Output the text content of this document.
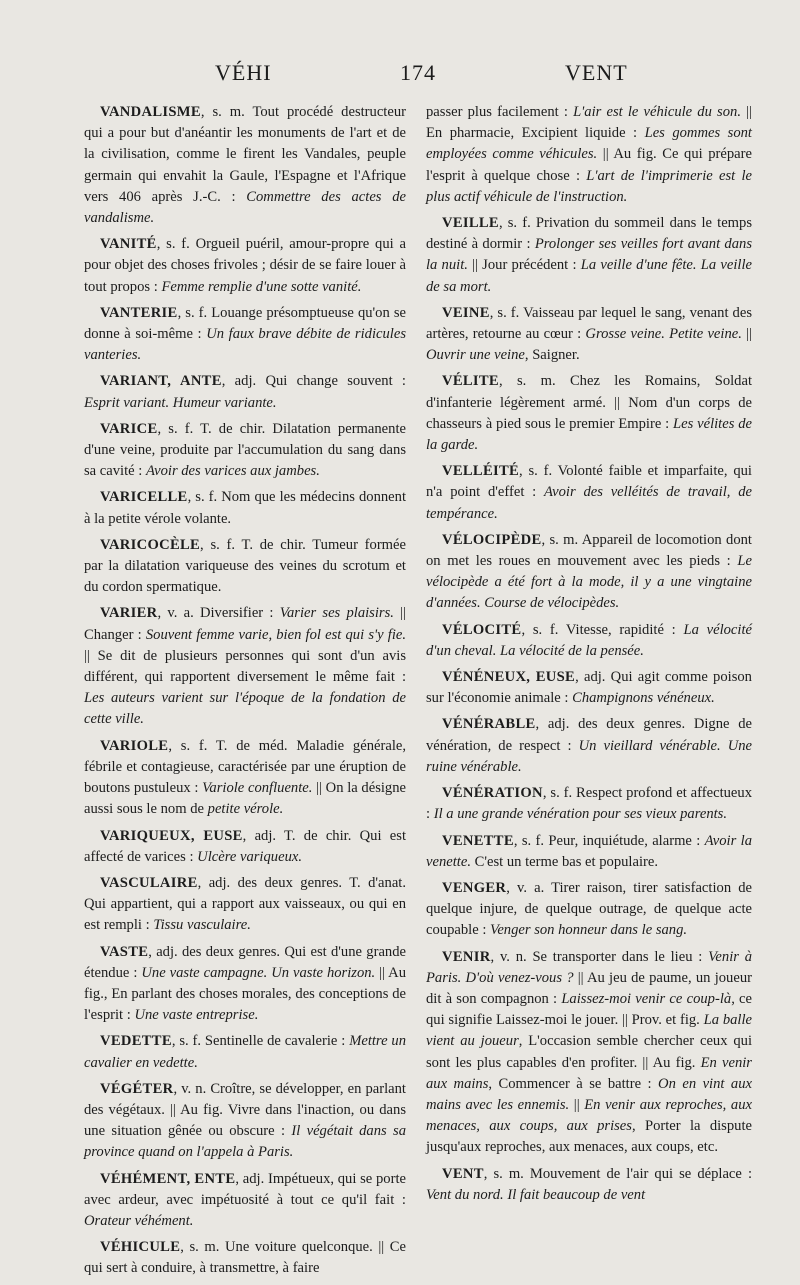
VÉHI	174	VENT

VANDALISME, s. m. Tout procédé destructeur qui a pour but d'anéantir les monuments de l'art et de la civilisation, comme le firent les Vandales, peuple germain qui envahit la Gaule, l'Espagne et l'Afrique vers 406 après J.-C. : Commettre des actes de vandalisme.

VANITÉ, s. f. Orgueil puéril, amour-propre qui a pour objet des choses frivoles ; désir de se faire louer à tout propos : Femme remplie d'une sotte vanité.

VANTERIE, s. f. Louange présomptueuse qu'on se donne à soi-même : Un faux brave débite de ridicules vanteries.

VARIANT, ANTE, adj. Qui change souvent : Esprit variant. Humeur variante.

VARICE, s. f. T. de chir. Dilatation permanente d'une veine, produite par l'accumulation du sang dans sa cavité : Avoir des varices aux jambes.

VARICELLE, s. f. Nom que les médecins donnent à la petite vérole volante.

VARICOCÈLE, s. f. T. de chir. Tumeur formée par la dilatation variqueuse des veines du scrotum et du cordon spermatique.

VARIER, v. a. Diversifier : Varier ses plaisirs. || Changer : Souvent femme varie, bien fol est qui s'y fie. || Se dit de plusieurs personnes qui sont d'un avis différent, qui rapportent diversement le même fait : Les auteurs varient sur l'époque de la fondation de cette ville.

VARIOLE, s. f. T. de méd. Maladie générale, fébrile et contagieuse, caractérisée par une éruption de boutons pustuleux : Variole confluente. || On la désigne aussi sous le nom de petite vérole.

VARIQUEUX, EUSE, adj. T. de chir. Qui est affecté de varices : Ulcère variqueux.

VASCULAIRE, adj. des deux genres. T. d'anat. Qui appartient, qui a rapport aux vaisseaux, ou qui en est rempli : Tissu vasculaire.

VASTE, adj. des deux genres. Qui est d'une grande étendue : Une vaste campagne. Un vaste horizon. || Au fig., En parlant des choses morales, des conceptions de l'esprit : Une vaste entreprise.

VEDETTE, s. f. Sentinelle de cavalerie : Mettre un cavalier en vedette.

VÉGÉTER, v. n. Croître, se développer, en parlant des végétaux. || Au fig. Vivre dans l'inaction, ou dans une situation gênée ou obscure : Il végétait dans sa province quand on l'appela à Paris.

VÉHÉMENT, ENTE, adj. Impétueux, qui se porte avec ardeur, avec impétuosité à tout ce qu'il fait : Orateur véhément.

VÉHICULE, s. m. Une voiture quelconque. || Ce qui sert à conduire, à transmettre, à faire

passer plus facilement : L'air est le véhicule du son. || En pharmacie, Excipient liquide : Les gommes sont employées comme véhicules. || Au fig. Ce qui prépare l'esprit à quelque chose : L'art de l'imprimerie est le plus actif véhicule de l'instruction.

VEILLE, s. f. Privation du sommeil dans le temps destiné à dormir : Prolonger ses veilles fort avant dans la nuit. || Jour précédent : La veille d'une fête. La veille de sa mort.

VEINE, s. f. Vaisseau par lequel le sang, venant des artères, retourne au cœur : Grosse veine. Petite veine. || Ouvrir une veine, Saigner.

VÉLITE, s. m. Chez les Romains, Soldat d'infanterie légèrement armé. || Nom d'un corps de chasseurs à pied sous le premier Empire : Les vélites de la garde.

VELLÉITÉ, s. f. Volonté faible et imparfaite, qui n'a point d'effet : Avoir des velléités de travail, de tempérance.

VÉLOCIPÈDE, s. m. Appareil de locomotion dont on met les roues en mouvement avec les pieds : Le vélocipède a été fort à la mode, il y a une vingtaine d'années. Course de vélocipèdes.

VÉLOCITÉ, s. f. Vitesse, rapidité : La vélocité d'un cheval. La vélocité de la pensée.

VÉNÉNEUX, EUSE, adj. Qui agit comme poison sur l'économie animale : Champignons vénéneux.

VÉNÉRABLE, adj. des deux genres. Digne de vénération, de respect : Un vieillard vénérable. Une ruine vénérable.

VÉNÉRATION, s. f. Respect profond et affectueux : Il a une grande vénération pour ses vieux parents.

VENETTE, s. f. Peur, inquiétude, alarme : Avoir la venette. C'est un terme bas et populaire.

VENGER, v. a. Tirer raison, tirer satisfaction de quelque injure, de quelque outrage, de quelque acte coupable : Venger son honneur dans le sang.

VENIR, v. n. Se transporter dans le lieu : Venir à Paris. D'où venez-vous ? || Au jeu de paume, un joueur dit à son compagnon : Laissez-moi venir ce coup-là, ce qui signifie Laissez-moi le jouer. || Prov. et fig. La balle vient au joueur, L'occasion semble chercher ceux qui sont les plus capables d'en profiter. || Au fig. En venir aux mains, Commencer à se battre : On en vint aux mains avec les ennemis. || En venir aux reproches, aux menaces, aux coups, aux prises, Porter la dispute jusqu'aux reproches, aux menaces, aux coups, etc.

VENT, s. m. Mouvement de l'air qui se déplace : Vent du nord. Il fait beaucoup de vent
